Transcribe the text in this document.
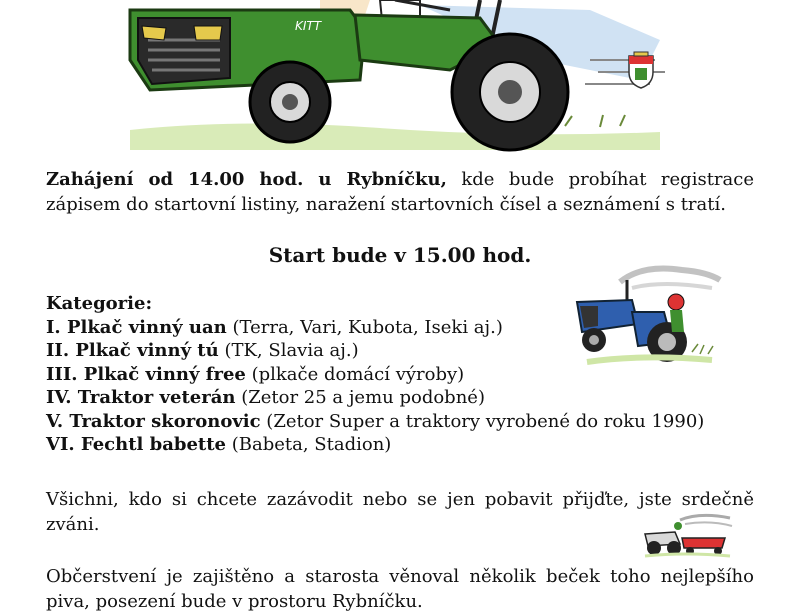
KITT

Zahájení od 14.00 hod. u Rybníčku, kde bude probíhat registrace zápisem do startovní listiny, naražení startovních čísel a seznámení s tratí.

Start bude v 15.00 hod.

Kategorie:
I. Plkač vinný uan (Terra, Vari, Kubota, Iseki aj.)
II. Plkač vinný tú (TK, Slavia aj.)
III. Plkač vinný free (plkače domácí výroby)
IV. Traktor veterán (Zetor 25 a jemu podobné)
V. Traktor skoronovic (Zetor Super a traktory vyrobené do roku 1990)
VI. Fechtl babette (Babeta, Stadion)

Všichni, kdo si chcete zazávodit nebo se jen pobavit přijďte, jste srdečně zváni.

Občerstvení je zajištěno a starosta věnoval několik beček toho nejlepšího piva, posezení bude v prostoru Rybníčku.
